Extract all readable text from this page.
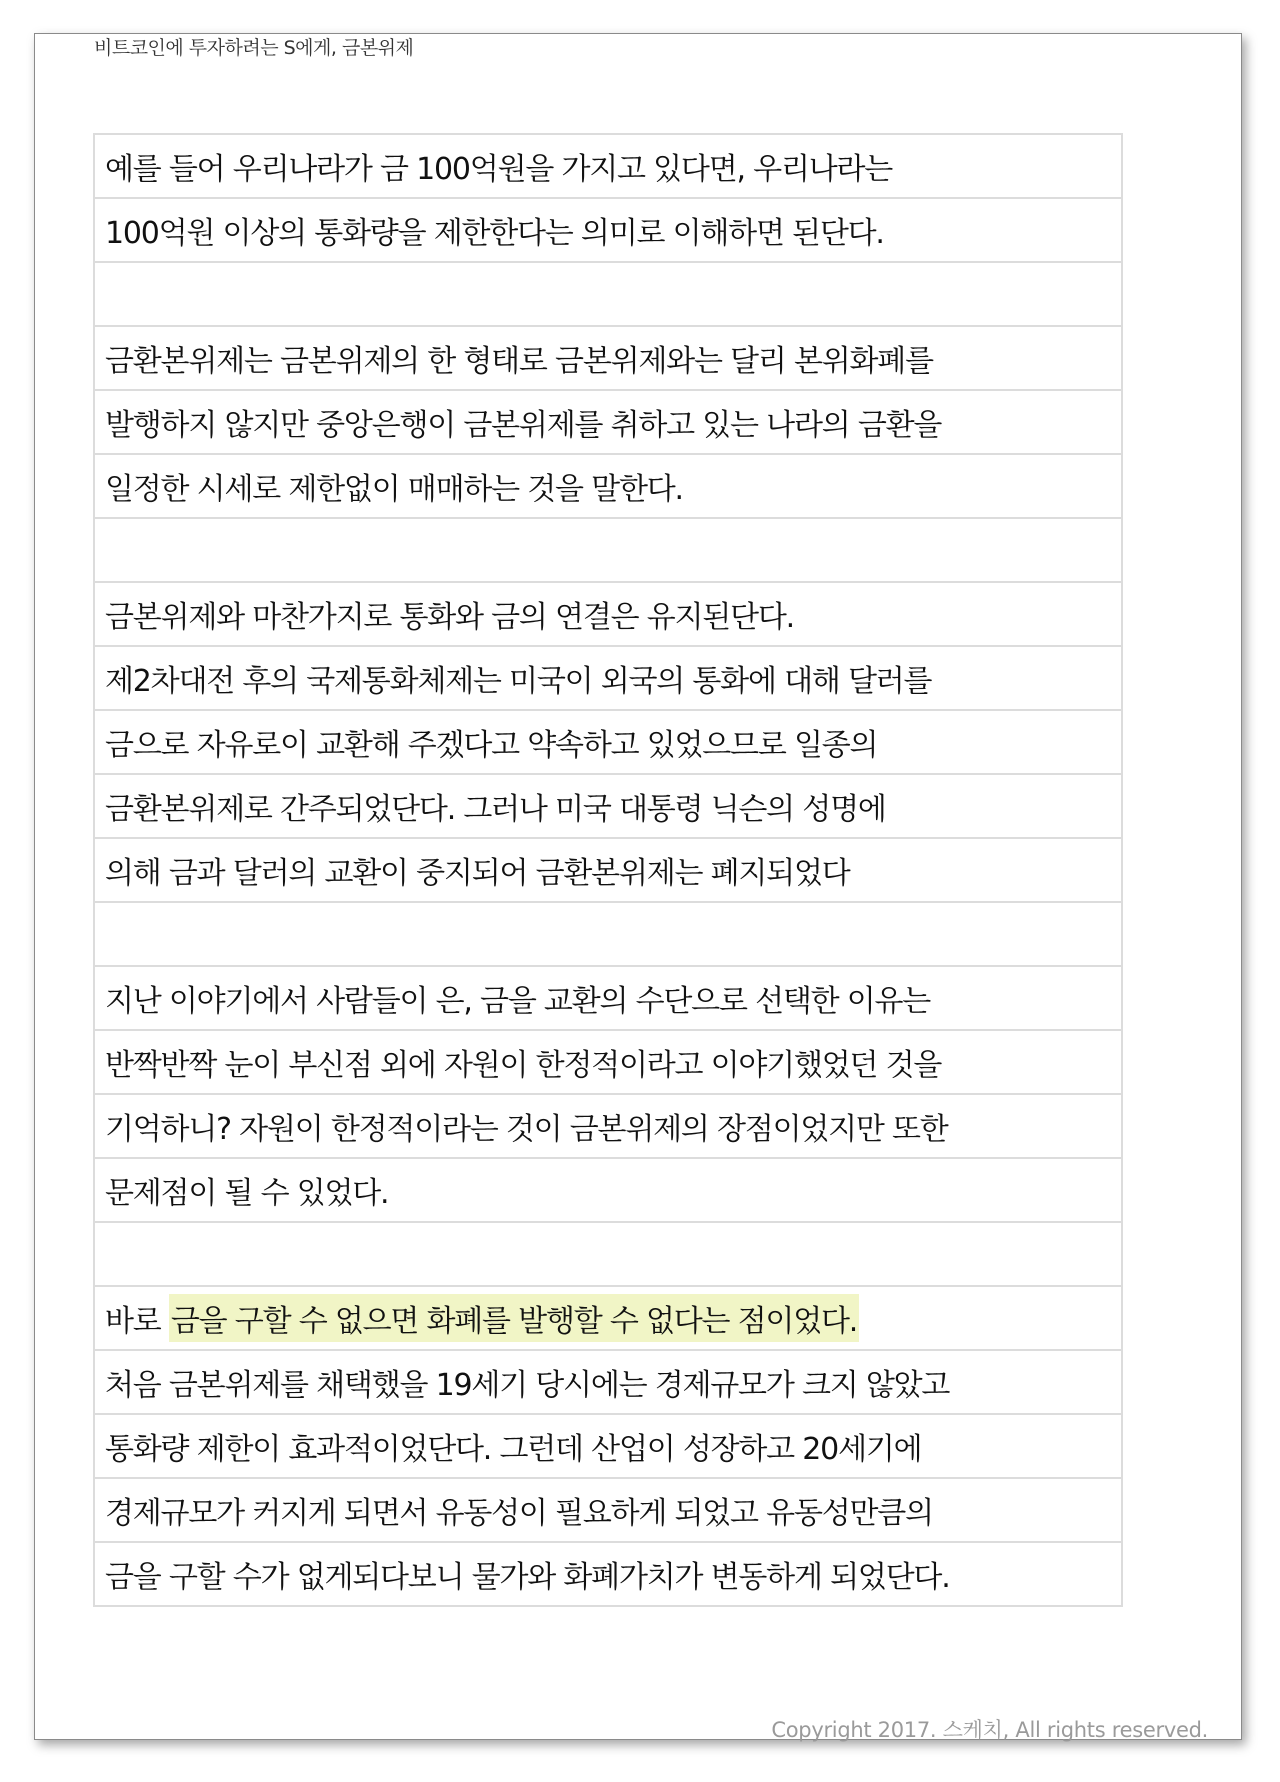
비트코인에 투자하려는 S에게, 금본위제
예를 들어 우리나라가 금 100억원을 가지고 있다면, 우리나라는
100억원 이상의 통화량을 제한한다는 의미로 이해하면 된단다.
금환본위제는 금본위제의 한 형태로 금본위제와는 달리 본위화폐를
발행하지 않지만 중앙은행이 금본위제를 취하고 있는 나라의 금환을
일정한 시세로 제한없이 매매하는 것을 말한다.
금본위제와 마찬가지로 통화와 금의 연결은 유지된단다.
제2차대전 후의 국제통화체제는 미국이 외국의 통화에 대해 달러를
금으로 자유로이 교환해 주겠다고 약속하고 있었으므로 일종의
금환본위제로 간주되었단다. 그러나 미국 대통령 닉슨의 성명에
의해 금과 달러의 교환이 중지되어 금환본위제는 폐지되었다
지난 이야기에서 사람들이 은, 금을 교환의 수단으로 선택한 이유는
반짝반짝 눈이 부신점 외에 자원이 한정적이라고 이야기했었던 것을
기억하니? 자원이 한정적이라는 것이 금본위제의 장점이었지만 또한
문제점이 될 수 있었다.
바로 금을 구할 수 없으면 화폐를 발행할 수 없다는 점이었다.
처음 금본위제를 채택했을 19세기 당시에는 경제규모가 크지 않았고
통화량 제한이 효과적이었단다. 그런데 산업이 성장하고 20세기에
경제규모가 커지게 되면서 유동성이 필요하게 되었고 유동성만큼의
금을 구할 수가 없게되다보니 물가와 화폐가치가 변동하게 되었단다.
Copyright 2017. 스케치, All rights reserved.
